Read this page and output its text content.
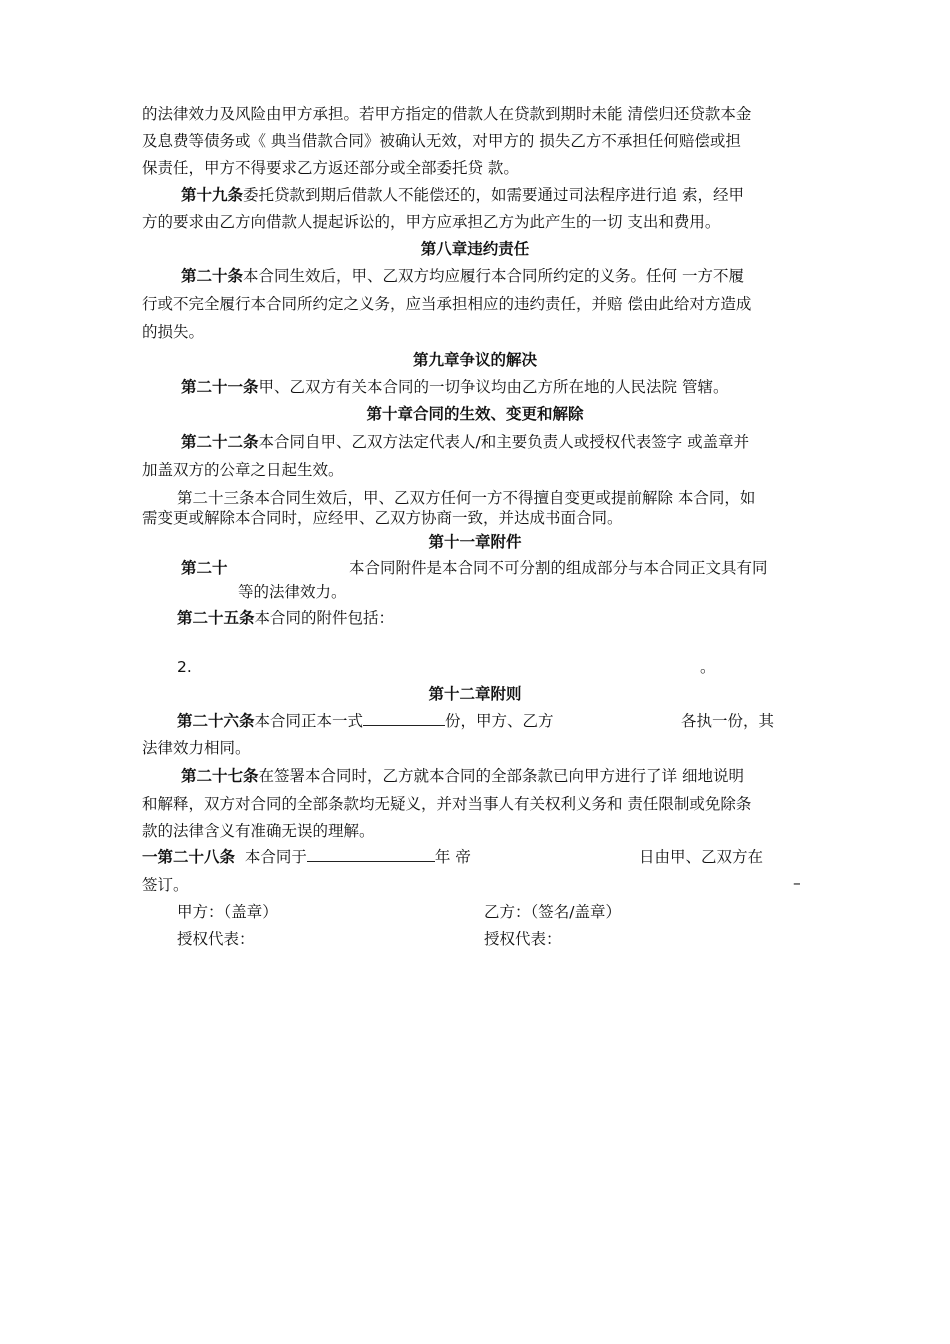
的法律效力及风险由甲方承担。若甲方指定的借款人在贷款到期时未能 清偿归还贷款本金
及息费等债务或《 典当借款合同》被确认无效，对甲方的 损失乙方不承担任何赔偿或担
保责任，甲方不得要求乙方返还部分或全部委托贷 款。
第十九条委托贷款到期后借款人不能偿还的，如需要通过司法程序进行追 索，经甲
方的要求由乙方向借款人提起诉讼的，甲方应承担乙方为此产生的一切 支出和费用。
第八章违约责任
第二十条本合同生效后，甲、乙双方均应履行本合同所约定的义务。任何 一方不履
行或不完全履行本合同所约定之义务，应当承担相应的违约责任，并赔 偿由此给对方造成
的损失。
第九章争议的解决
第二十一条甲、乙双方有关本合同的一切争议均由乙方所在地的人民法院 管辖。
第十章合同的生效、变更和解除
第二十二条本合同自甲、乙双方法定代表人/和主要负责人或授权代表签字 或盖章并
加盖双方的公章之日起生效。
第二十三条本合同生效后，甲、乙双方任何一方不得擅自变更或提前解除 本合同，如
需变更或解除本合同时，应经甲、乙双方协商一致，并达成书面合同。
第十一章附件
第二十	本合同附件是本合同不可分割的组成部分与本合同正文具有同
等的法律效力。
第二十五条本合同的附件包括：
2.	。
第十二章附则
第二十六条本合同正本一式	份，甲方、乙方	各执一份，其
法律效力相同。
第二十七条在签署本合同时，乙方就本合同的全部条款已向甲方进行了详 细地说明
和解释，双方对合同的全部条款均无疑义，并对当事人有关权利义务和 责任限制或免除条
款的法律含义有准确无误的理解。
一第二十八条 本合同于	年 帝	日由甲、乙双方在
签订。	–
甲方：（盖章）	乙方：（签名/盖章）
授权代表：	授权代表：
